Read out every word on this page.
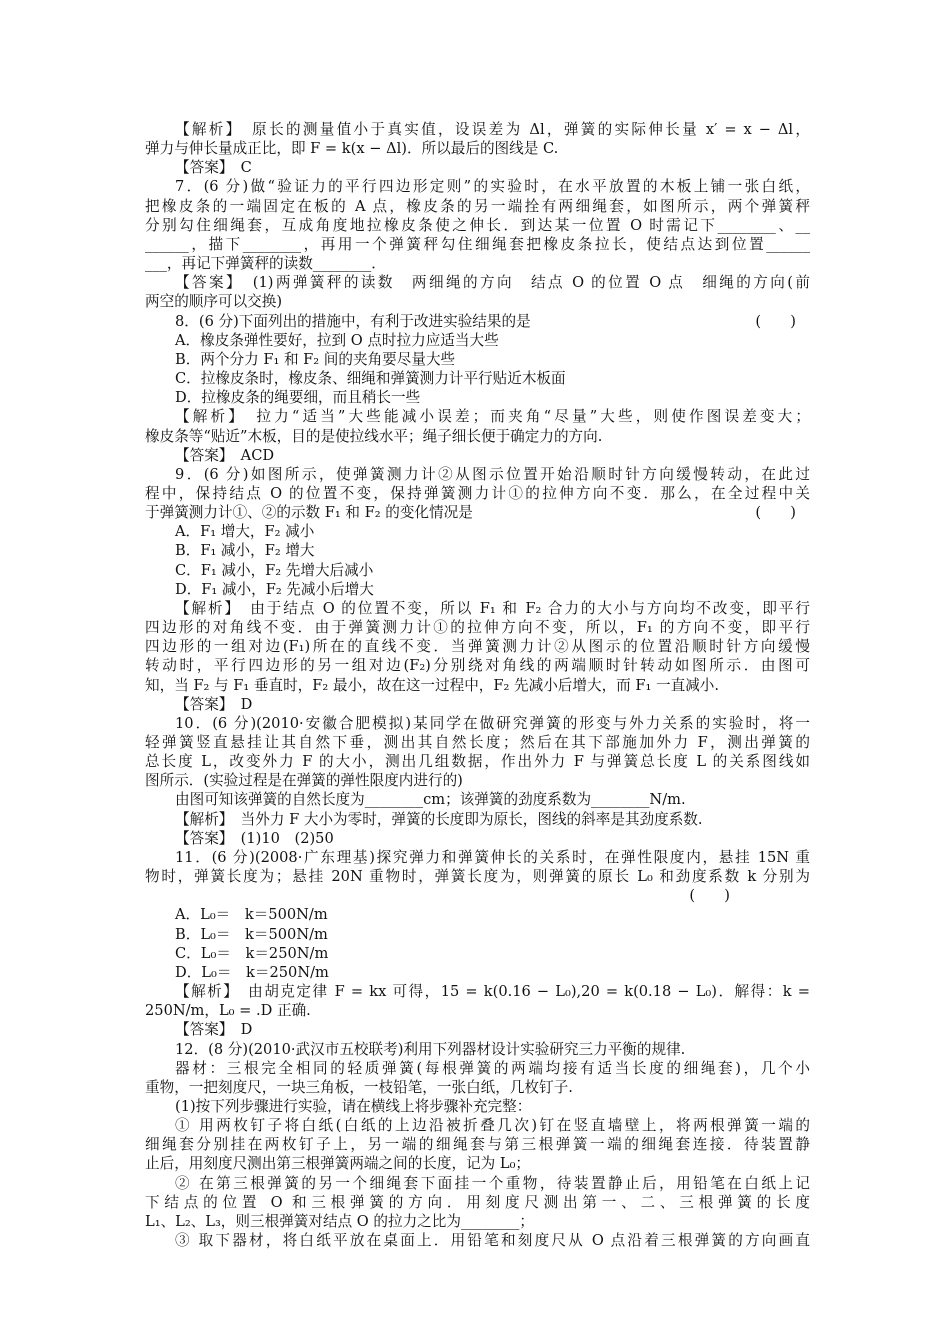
【解析】　原长的测量值小于真实值，设误差为 Δl，弹簧的实际伸长量 x′ = x − Δl，
弹力与伸长量成正比，即 F = k(x − Δl)．所以最后的图线是 C.
【答案】　C
7．(6 分)做“验证力的平行四边形定则”的实验时，在水平放置的木板上铺一张白纸，
把橡皮条的一端固定在板的 A 点，橡皮条的另一端拴有两细绳套，如图所示，两个弹簧秤
分别勾住细绳套，互成角度地拉橡皮条使之伸长．到达某一位置 O 时需记下________、__
______，描下________，再用一个弹簧秤勾住细绳套把橡皮条拉长，使结点达到位置______
___，再记下弹簧秤的读数________．
【答案】　(1)两弹簧秤的读数　两细绳的方向　结点 O 的位置 O 点　细绳的方向(前
两空的顺序可以交换)
(　　)
8．(6 分)下面列出的措施中，有利于改进实验结果的是
A．橡皮条弹性要好，拉到 O 点时拉力应适当大些
B．两个分力 F₁ 和 F₂ 间的夹角要尽量大些
C．拉橡皮条时，橡皮条、细绳和弹簧测力计平行贴近木板面
D．拉橡皮条的绳要细，而且稍长一些
【解析】　拉力“适当”大些能减小误差；而夹角“尽量”大些，则使作图误差变大；
橡皮条等“贴近”木板，目的是使拉线水平；绳子细长便于确定力的方向.
【答案】　ACD
9．(6 分)如图所示，使弹簧测力计②从图示位置开始沿顺时针方向缓慢转动，在此过
程中，保持结点 O 的位置不变，保持弹簧测力计①的拉伸方向不变．那么，在全过程中关
(　　)
于弹簧测力计①、②的示数 F₁ 和 F₂ 的变化情况是
A．F₁ 增大，F₂ 减小
B．F₁ 减小，F₂ 增大
C．F₁ 减小，F₂ 先增大后减小
D．F₁ 减小，F₂ 先减小后增大
【解析】　由于结点 O 的位置不变，所以 F₁ 和 F₂ 合力的大小与方向均不改变，即平行
四边形的对角线不变．由于弹簧测力计①的拉伸方向不变，所以，F₁ 的方向不变，即平行
四边形的一组对边(F₁)所在的直线不变．当弹簧测力计②从图示的位置沿顺时针方向缓慢
转动时，平行四边形的另一组对边(F₂)分别绕对角线的两端顺时针转动如图所示．由图可
知，当 F₂ 与 F₁ 垂直时，F₂ 最小，故在这一过程中，F₂ 先减小后增大，而 F₁ 一直减小.
【答案】　D
10．(6 分)(2010·安徽合肥模拟)某同学在做研究弹簧的形变与外力关系的实验时，将一
轻弹簧竖直悬挂让其自然下垂，测出其自然长度；然后在其下部施加外力 F，测出弹簧的
总长度 L，改变外力 F 的大小，测出几组数据，作出外力 F 与弹簧总长度 L 的关系图线如
图所示．(实验过程是在弹簧的弹性限度内进行的)
由图可知该弹簧的自然长度为________cm；该弹簧的劲度系数为________N/m.
【解析】　当外力 F 大小为零时，弹簧的长度即为原长，图线的斜率是其劲度系数.
【答案】　(1)10　(2)50
11．(6 分)(2008·广东理基)探究弹力和弹簧伸长的关系时，在弹性限度内，悬挂 15N 重
物时，弹簧长度为；悬挂 20N 重物时，弹簧长度为，则弹簧的原长 L₀ 和劲度系数 k 分别为
(　　)

A．L₀＝　k＝500N/m
B．L₀＝　k＝500N/m
C．L₀＝　k＝250N/m
D．L₀＝　k＝250N/m
【解析】　由胡克定律 F = kx 可得，15 = k(0.16 − L₀),20 = k(0.18 − L₀)．解得：k =
250N/m，L₀ = .D 正确.
【答案】　D
12．(8 分)(2010·武汉市五校联考)利用下列器材设计实验研究三力平衡的规律.
器材：三根完全相同的轻质弹簧(每根弹簧的两端均接有适当长度的细绳套)，几个小
重物，一把刻度尺，一块三角板，一枝铅笔，一张白纸，几枚钉子.
(1)按下列步骤进行实验，请在横线上将步骤补充完整：
① 用两枚钉子将白纸(白纸的上边沿被折叠几次)钉在竖直墙壁上，将两根弹簧一端的
细绳套分别挂在两枚钉子上，另一端的细绳套与第三根弹簧一端的细绳套连接．待装置静
止后，用刻度尺测出第三根弹簧两端之间的长度，记为 L₀；
② 在第三根弹簧的另一个细绳套下面挂一个重物，待装置静止后，用铅笔在白纸上记
下结点的位置 O 和三根弹簧的方向．用刻度尺测出第一、二、三根弹簧的长度
L₁、L₂、L₃，则三根弹簧对结点 O 的拉力之比为________；
③ 取下器材，将白纸平放在桌面上．用铅笔和刻度尺从 O 点沿着三根弹簧的方向画直
